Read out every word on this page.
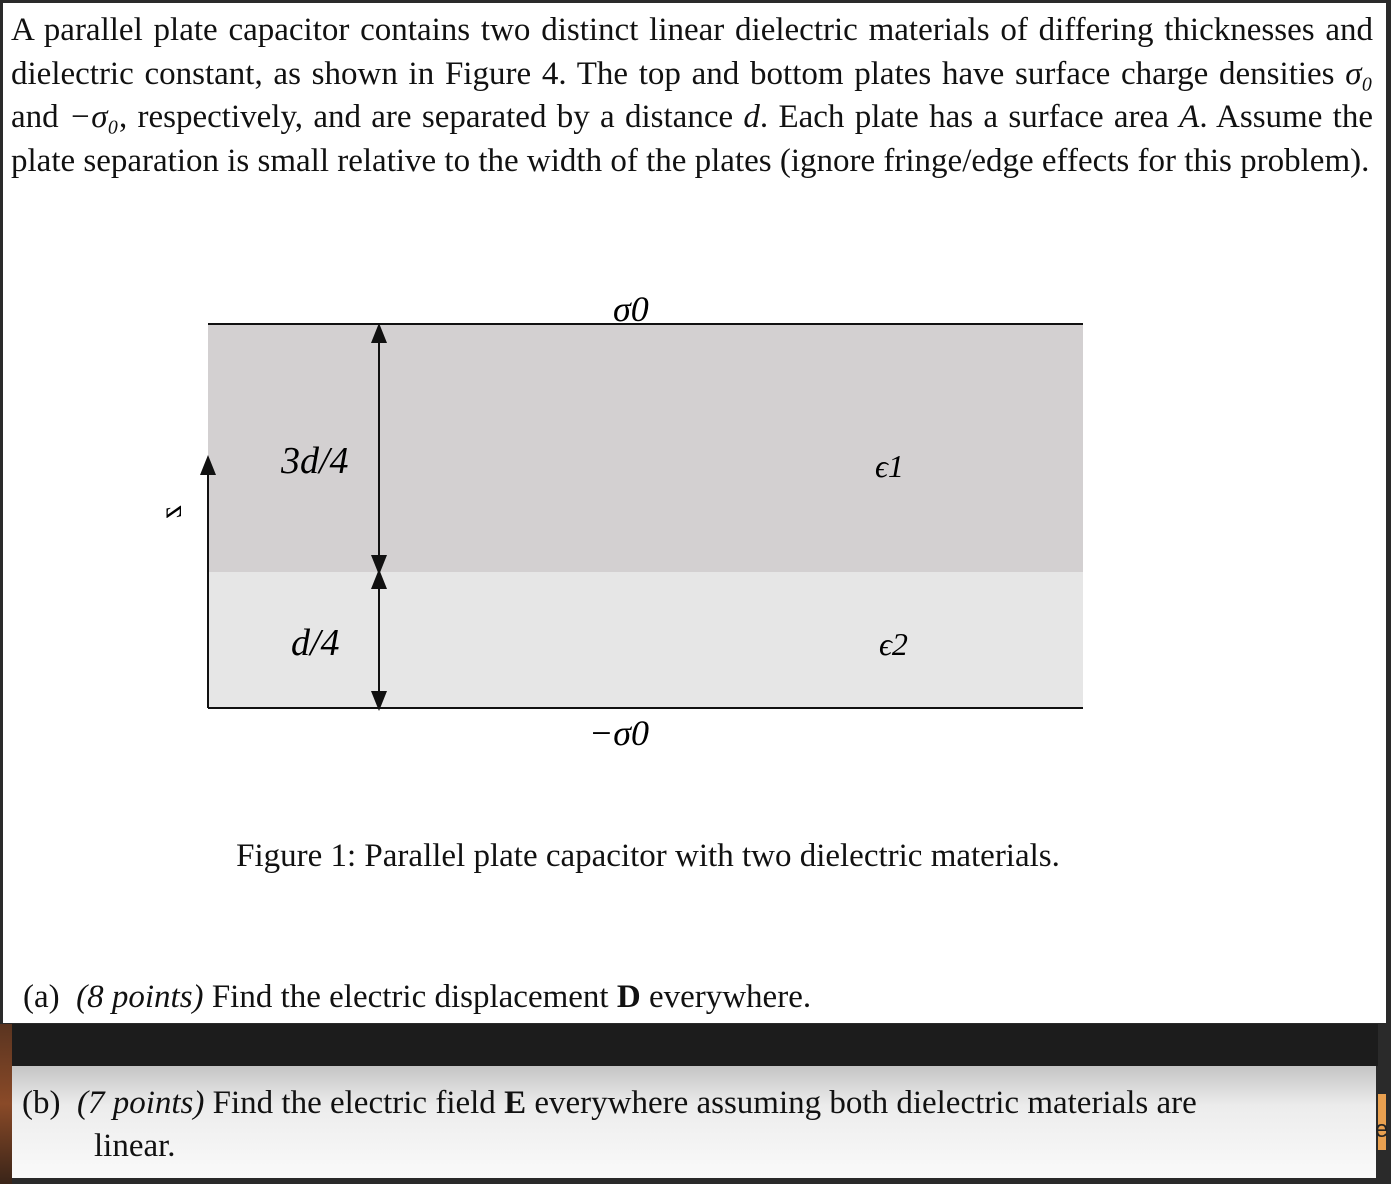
A parallel plate capacitor contains two distinct linear dielectric materials of differing thicknesses and dielectric constant, as shown in Figure 4. The top and bottom plates have surface charge densities σ₀ and −σ₀, respectively, and are separated by a distance d. Each plate has a surface area A. Assume the plate separation is small relative to the width of the plates (ignore fringe/edge effects for this problem).
σ0
−σ0
3d/4
d/4
ϵ1
ϵ2
z
Figure 1: Parallel plate capacitor with two dielectric materials.
(a) (8 points) Find the electric displacement D everywhere.
(b) (7 points) Find the electric field E everywhere assuming both dielectric materials are
linear.	e
